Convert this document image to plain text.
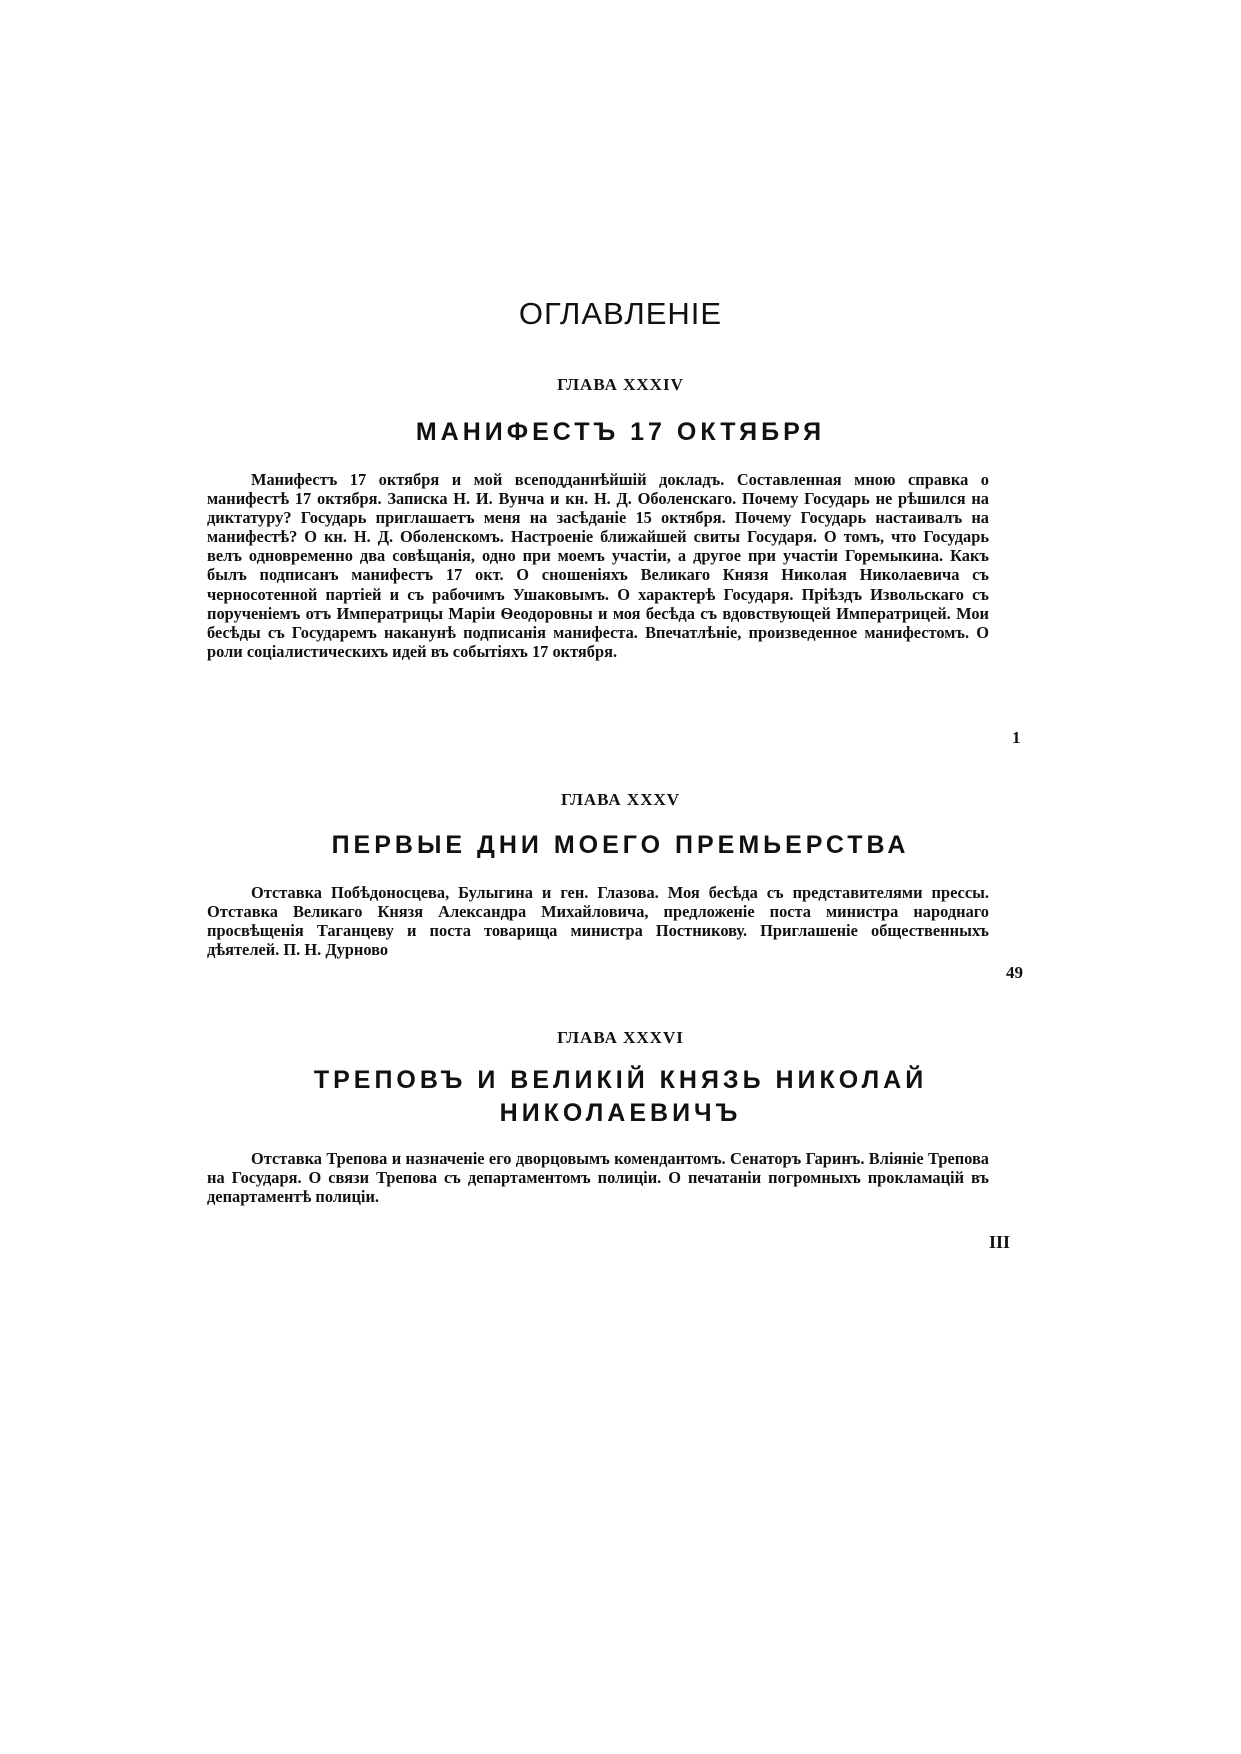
ОГЛАВЛЕНІЕ

ГЛАВА XXXIV

МАНИФЕСТЪ 17 ОКТЯБРЯ

Манифестъ 17 октября и мой всеподданнѣйшій докладъ. Составленная мною справка о манифестѣ 17 октября. Записка Н. И. Вунча и кн. Н. Д. Оболенскаго. Почему Государь не рѣшился на диктатуру? Государь приглашаетъ меня на засѣданіе 15 октября. Почему Государь настаивалъ на манифестѣ? О кн. Н. Д. Оболенскомъ. Настроеніе ближайшей свиты Государя. О томъ, что Государь велъ одновременно два совѣщанія, одно при моемъ участіи, а другое при участіи Горемыкина. Какъ былъ подписанъ манифестъ 17 окт. О сношеніяхъ Великаго Князя Николая Николаевича съ черносотенной партіей и съ рабочимъ Ушаковымъ. О характерѣ Государя. Пріѣздъ Извольскаго съ порученіемъ отъ Императрицы Маріи Ѳеодоровны и моя бесѣда съ вдовствующей Императрицей. Мои бесѣды съ Государемъ наканунѣ подписанія манифеста. Впечатлѣніе, произведенное манифестомъ. О роли соціалистическихъ идей въ событіяхъ 17 октября.

1

ГЛАВА XXXV

ПЕРВЫЕ ДНИ МОЕГО ПРЕМЬЕРСТВА

Отставка Побѣдоносцева, Булыгина и ген. Глазова. Моя бесѣда съ представителями прессы. Отставка Великаго Князя Александра Михайловича, предложеніе поста министра народнаго просвѣщенія Таганцеву и поста товарища министра Постникову. Приглашеніе общественныхъ дѣятелей. П. Н. Дурново

49

ГЛАВА XXXVI

ТРЕПОВЪ И ВЕЛИКІЙ КНЯЗЬ НИКОЛАЙ
НИКОЛАЕВИЧЪ

Отставка Трепова и назначеніе его дворцовымъ комендантомъ. Сенаторъ Гаринъ. Вліяніе Трепова на Государя. О связи Трепова съ департаментомъ полиціи. О печатаніи погромныхъ прокламацій въ департаментѣ полиціи.

III
